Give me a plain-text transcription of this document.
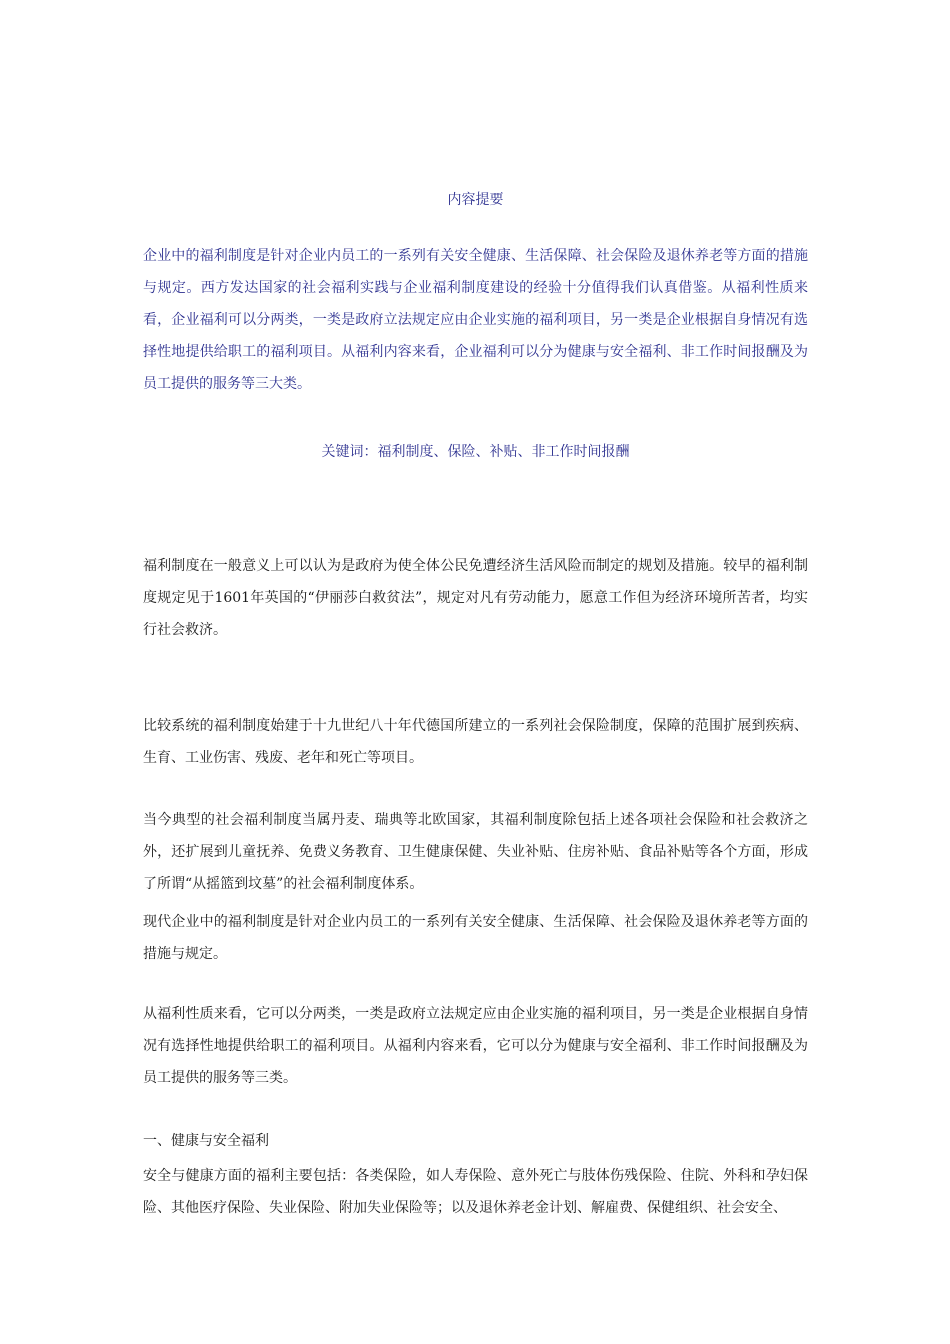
内容提要

企业中的福利制度是针对企业内员工的一系列有关安全健康、生活保障、社会保险及退休养老等方面的措施与规定。西方发达国家的社会福利实践与企业福利制度建设的经验十分值得我们认真借鉴。从福利性质来看，企业福利可以分两类，一类是政府立法规定应由企业实施的福利项目，另一类是企业根据自身情况有选择性地提供给职工的福利项目。从福利内容来看，企业福利可以分为健康与安全福利、非工作时间报酬及为员工提供的服务等三大类。

关键词：福利制度、保险、补贴、非工作时间报酬

福利制度在一般意义上可以认为是政府为使全体公民免遭经济生活风险而制定的规划及措施。较早的福利制度规定见于1601年英国的“伊丽莎白救贫法”，规定对凡有劳动能力，愿意工作但为经济环境所苦者，均实行社会救济。

比较系统的福利制度始建于十九世纪八十年代德国所建立的一系列社会保险制度，保障的范围扩展到疾病、生育、工业伤害、残废、老年和死亡等项目。

当今典型的社会福利制度当属丹麦、瑞典等北欧国家，其福利制度除包括上述各项社会保险和社会救济之外，还扩展到儿童抚养、免费义务教育、卫生健康保健、失业补贴、住房补贴、食品补贴等各个方面，形成了所谓“从摇篮到坟墓”的社会福利制度体系。

现代企业中的福利制度是针对企业内员工的一系列有关安全健康、生活保障、社会保险及退休养老等方面的措施与规定。

从福利性质来看，它可以分两类，一类是政府立法规定应由企业实施的福利项目，另一类是企业根据自身情况有选择性地提供给职工的福利项目。从福利内容来看，它可以分为健康与安全福利、非工作时间报酬及为员工提供的服务等三类。

一、健康与安全福利

安全与健康方面的福利主要包括：各类保险，如人寿保险、意外死亡与肢体伤残保险、住院、外科和孕妇保险、其他医疗保险、失业保险、附加失业保险等；以及退休养老金计划、解雇费、保健组织、社会安全、
